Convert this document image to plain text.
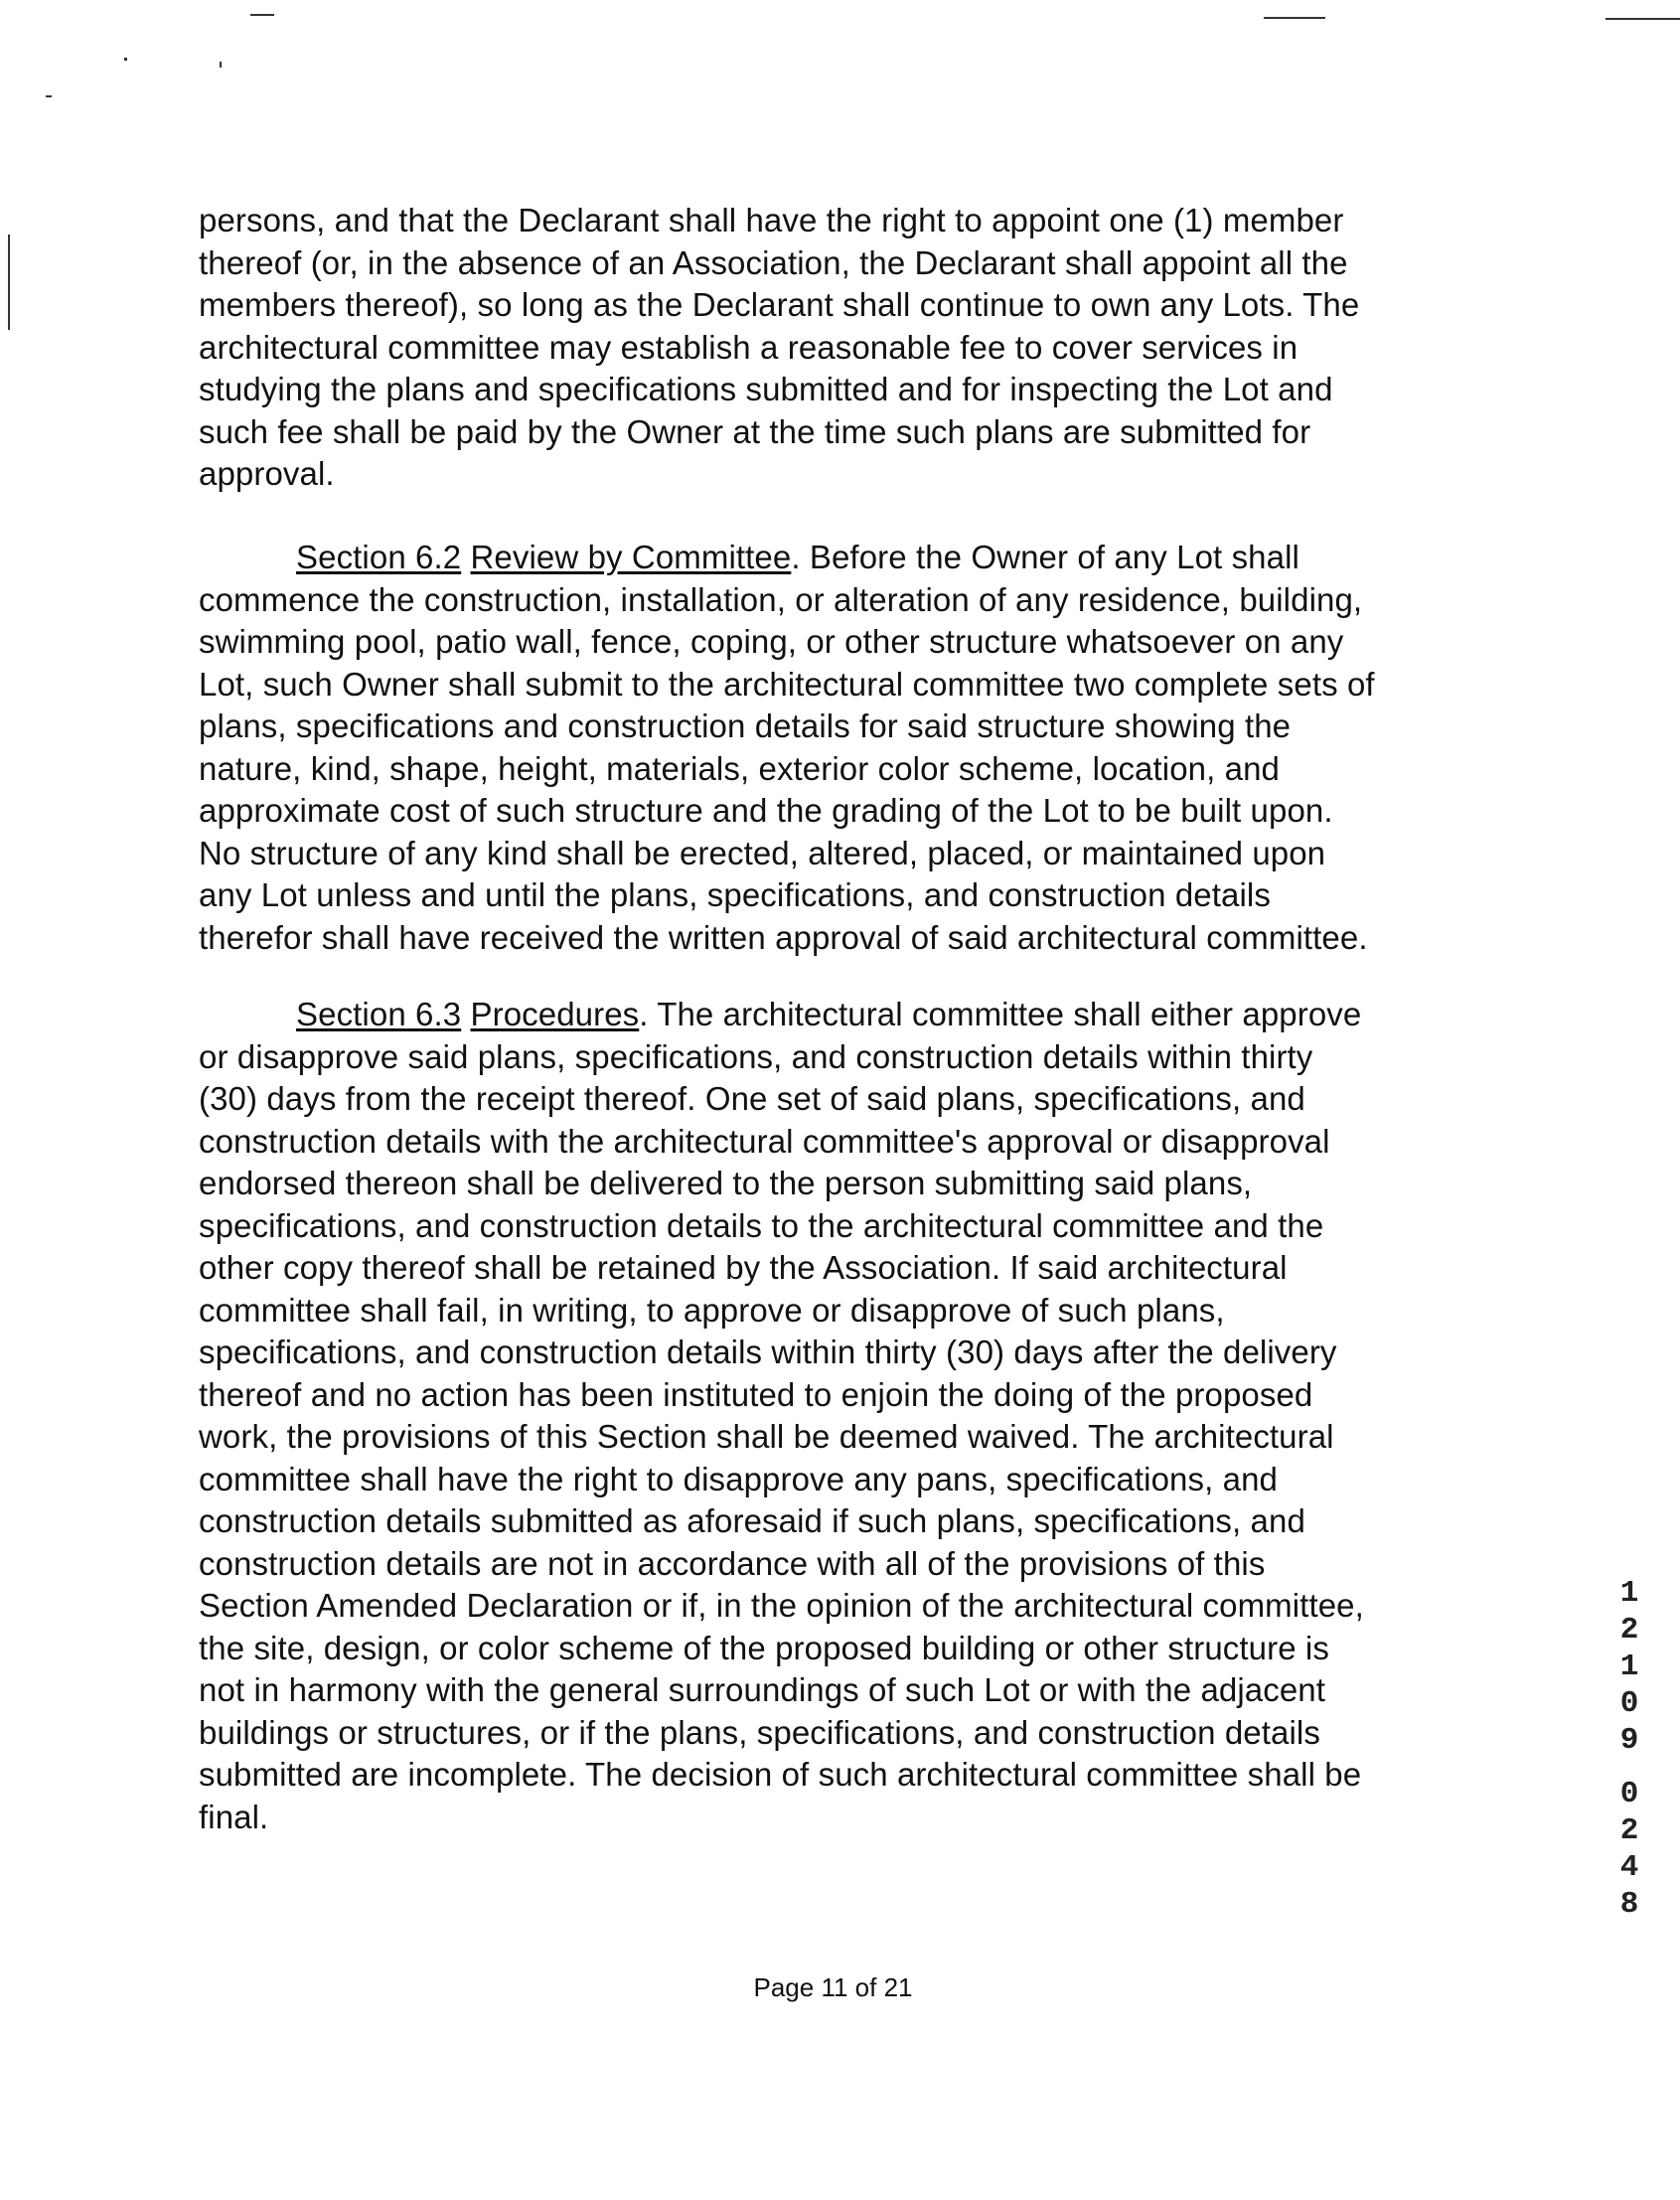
persons, and that the Declarant shall have the right to appoint one (1) member
thereof (or, in the absence of an Association, the Declarant shall appoint all the
members thereof), so long as the Declarant shall continue to own any Lots. The
architectural committee may establish a reasonable fee to cover services in
studying the plans and specifications submitted and for inspecting the Lot and
such fee shall be paid by the Owner at the time such plans are submitted for
approval.
Section 6.2 Review by Committee. Before the Owner of any Lot shall
commence the construction, installation, or alteration of any residence, building,
swimming pool, patio wall, fence, coping, or other structure whatsoever on any
Lot, such Owner shall submit to the architectural committee two complete sets of
plans, specifications and construction details for said structure showing the
nature, kind, shape, height, materials, exterior color scheme, location, and
approximate cost of such structure and the grading of the Lot to be built upon.
No structure of any kind shall be erected, altered, placed, or maintained upon
any Lot unless and until the plans, specifications, and construction details
therefor shall have received the written approval of said architectural committee.
Section 6.3 Procedures. The architectural committee shall either approve
or disapprove said plans, specifications, and construction details within thirty
(30) days from the receipt thereof. One set of said plans, specifications, and
construction details with the architectural committee's approval or disapproval
endorsed thereon shall be delivered to the person submitting said plans,
specifications, and construction details to the architectural committee and the
other copy thereof shall be retained by the Association. If said architectural
committee shall fail, in writing, to approve or disapprove of such plans,
specifications, and construction details within thirty (30) days after the delivery
thereof and no action has been instituted to enjoin the doing of the proposed
work, the provisions of this Section shall be deemed waived. The architectural
committee shall have the right to disapprove any pans, specifications, and
construction details submitted as aforesaid if such plans, specifications, and
construction details are not in accordance with all of the provisions of this
Section Amended Declaration or if, in the opinion of the architectural committee,
the site, design, or color scheme of the proposed building or other structure is
not in harmony with the general surroundings of such Lot or with the adjacent
buildings or structures, or if the plans, specifications, and construction details
submitted are incomplete. The decision of such architectural committee shall be
final.
1
2
1
0
9
0
2
4
8
Page 11 of 21
